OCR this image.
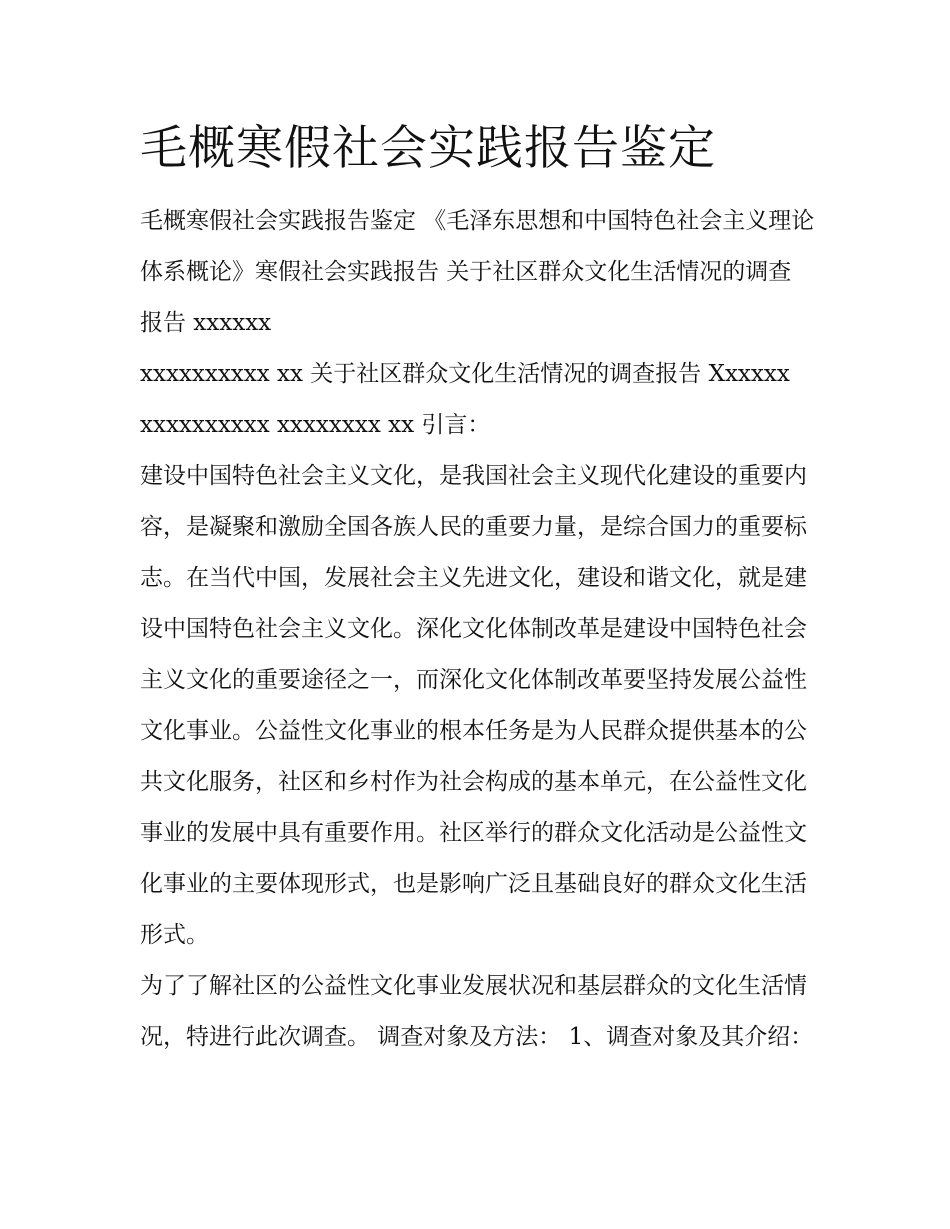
毛概寒假社会实践报告鉴定

毛概寒假社会实践报告鉴定 《毛泽东思想和中国特色社会主义理论体系概论》寒假社会实践报告 关于社区群众文化生活情况的调查 报告 xxxxxx

xxxxxxxxxx xx 关于社区群众文化生活情况的调查报告 Xxxxxx xxxxxxxxxx xxxxxxxx xx 引言：

建设中国特色社会主义文化，是我国社会主义现代化建设的重要内容，是凝聚和激励全国各族人民的重要力量，是综合国力的重要标志。在当代中国，发展社会主义先进文化，建设和谐文化，就是建设中国特色社会主义文化。深化文化体制改革是建设中国特色社会主义文化的重要途径之一，而深化文化体制改革要坚持发展公益性文化事业。公益性文化事业的根本任务是为人民群众提供基本的公共文化服务，社区和乡村作为社会构成的基本单元，在公益性文化事业的发展中具有重要作用。社区举行的群众文化活动是公益性文化事业的主要体现形式，也是影响广泛且基础良好的群众文化生活形式。

为了了解社区的公益性文化事业发展状况和基层群众的文化生活情况，特进行此次调查。 调查对象及方法： 1、调查对象及其介绍：
